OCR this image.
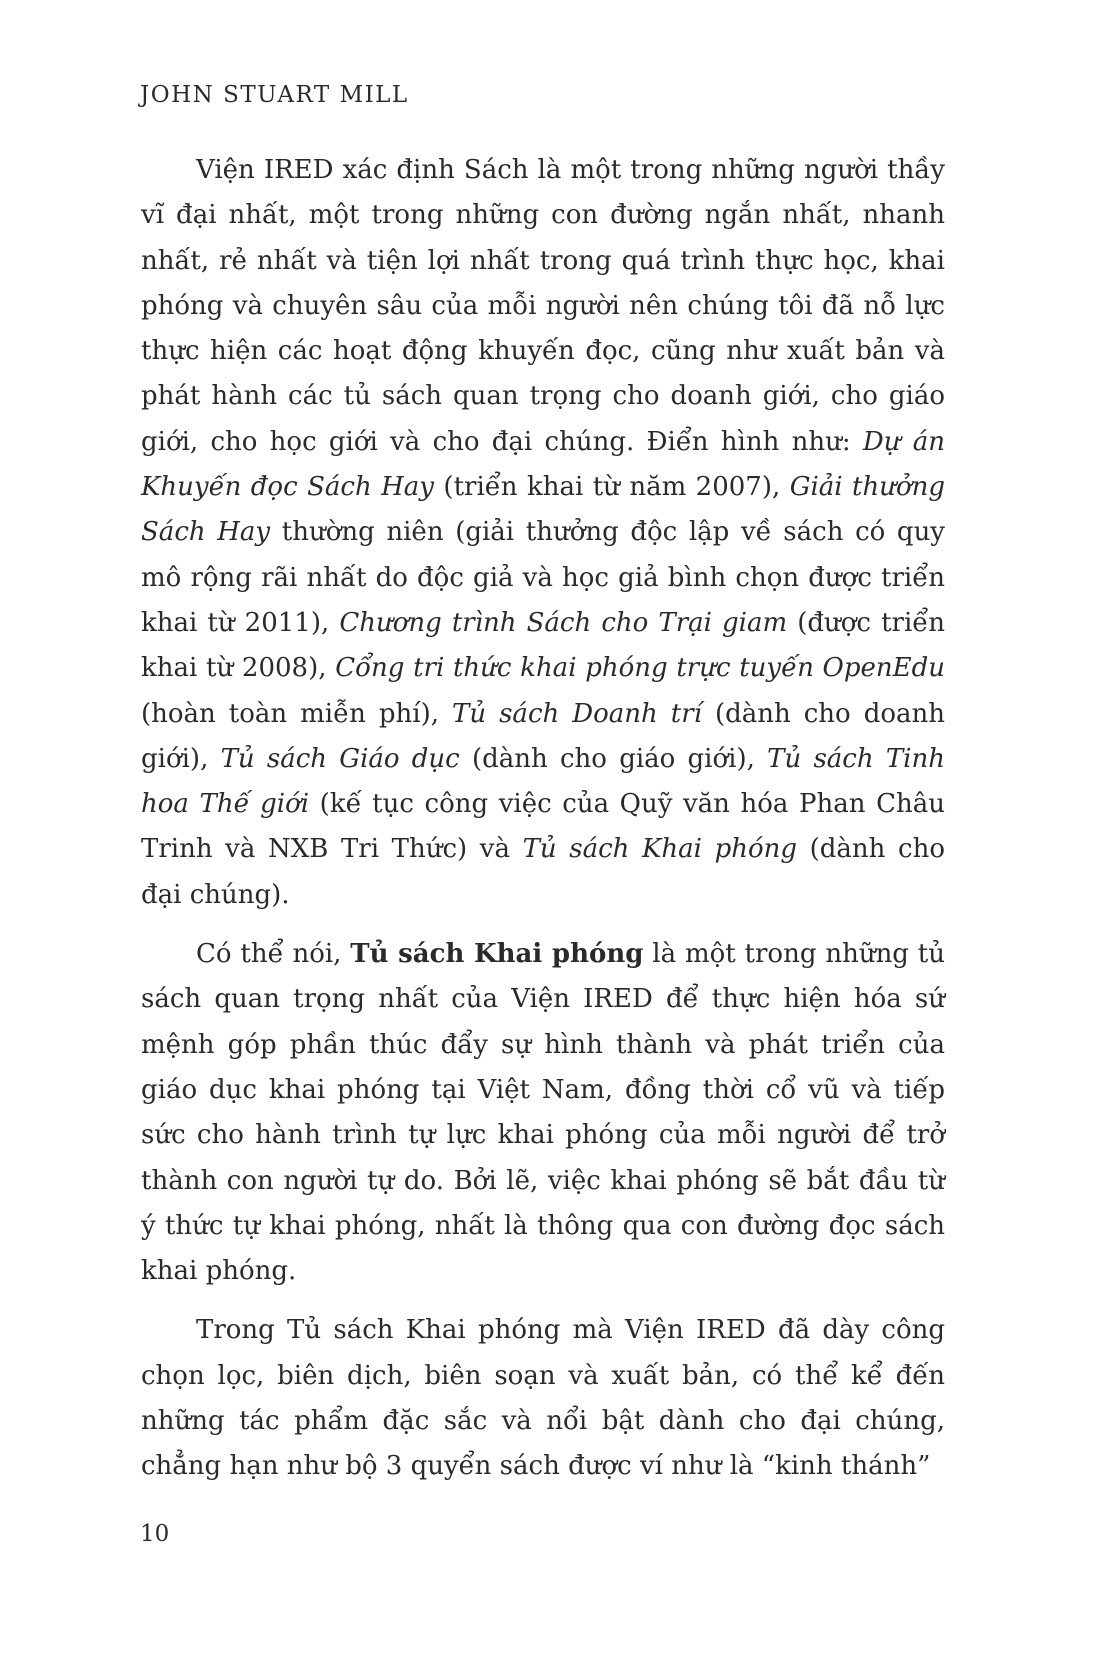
JOHN STUART MILL

Viện IRED xác định Sách là một trong những người thầy vĩ đại nhất, một trong những con đường ngắn nhất, nhanh nhất, rẻ nhất và tiện lợi nhất trong quá trình thực học, khai phóng và chuyên sâu của mỗi người nên chúng tôi đã nỗ lực thực hiện các hoạt động khuyến đọc, cũng như xuất bản và phát hành các tủ sách quan trọng cho doanh giới, cho giáo giới, cho học giới và cho đại chúng. Điển hình như: Dự án Khuyến đọc Sách Hay (triển khai từ năm 2007), Giải thưởng Sách Hay thường niên (giải thưởng độc lập về sách có quy mô rộng rãi nhất do độc giả và học giả bình chọn được triển khai từ 2011), Chương trình Sách cho Trại giam (được triển khai từ 2008), Cổng tri thức khai phóng trực tuyến OpenEdu (hoàn toàn miễn phí), Tủ sách Doanh trí (dành cho doanh giới), Tủ sách Giáo dục (dành cho giáo giới), Tủ sách Tinh hoa Thế giới (kế tục công việc của Quỹ văn hóa Phan Châu Trinh và NXB Tri Thức) và Tủ sách Khai phóng (dành cho đại chúng).

Có thể nói, Tủ sách Khai phóng là một trong những tủ sách quan trọng nhất của Viện IRED để thực hiện hóa sứ mệnh góp phần thúc đẩy sự hình thành và phát triển của giáo dục khai phóng tại Việt Nam, đồng thời cổ vũ và tiếp sức cho hành trình tự lực khai phóng của mỗi người để trở thành con người tự do. Bởi lẽ, việc khai phóng sẽ bắt đầu từ ý thức tự khai phóng, nhất là thông qua con đường đọc sách khai phóng.

Trong Tủ sách Khai phóng mà Viện IRED đã dày công chọn lọc, biên dịch, biên soạn và xuất bản, có thể kể đến những tác phẩm đặc sắc và nổi bật dành cho đại chúng, chẳng hạn như bộ 3 quyển sách được ví như là “kinh thánh”

10
